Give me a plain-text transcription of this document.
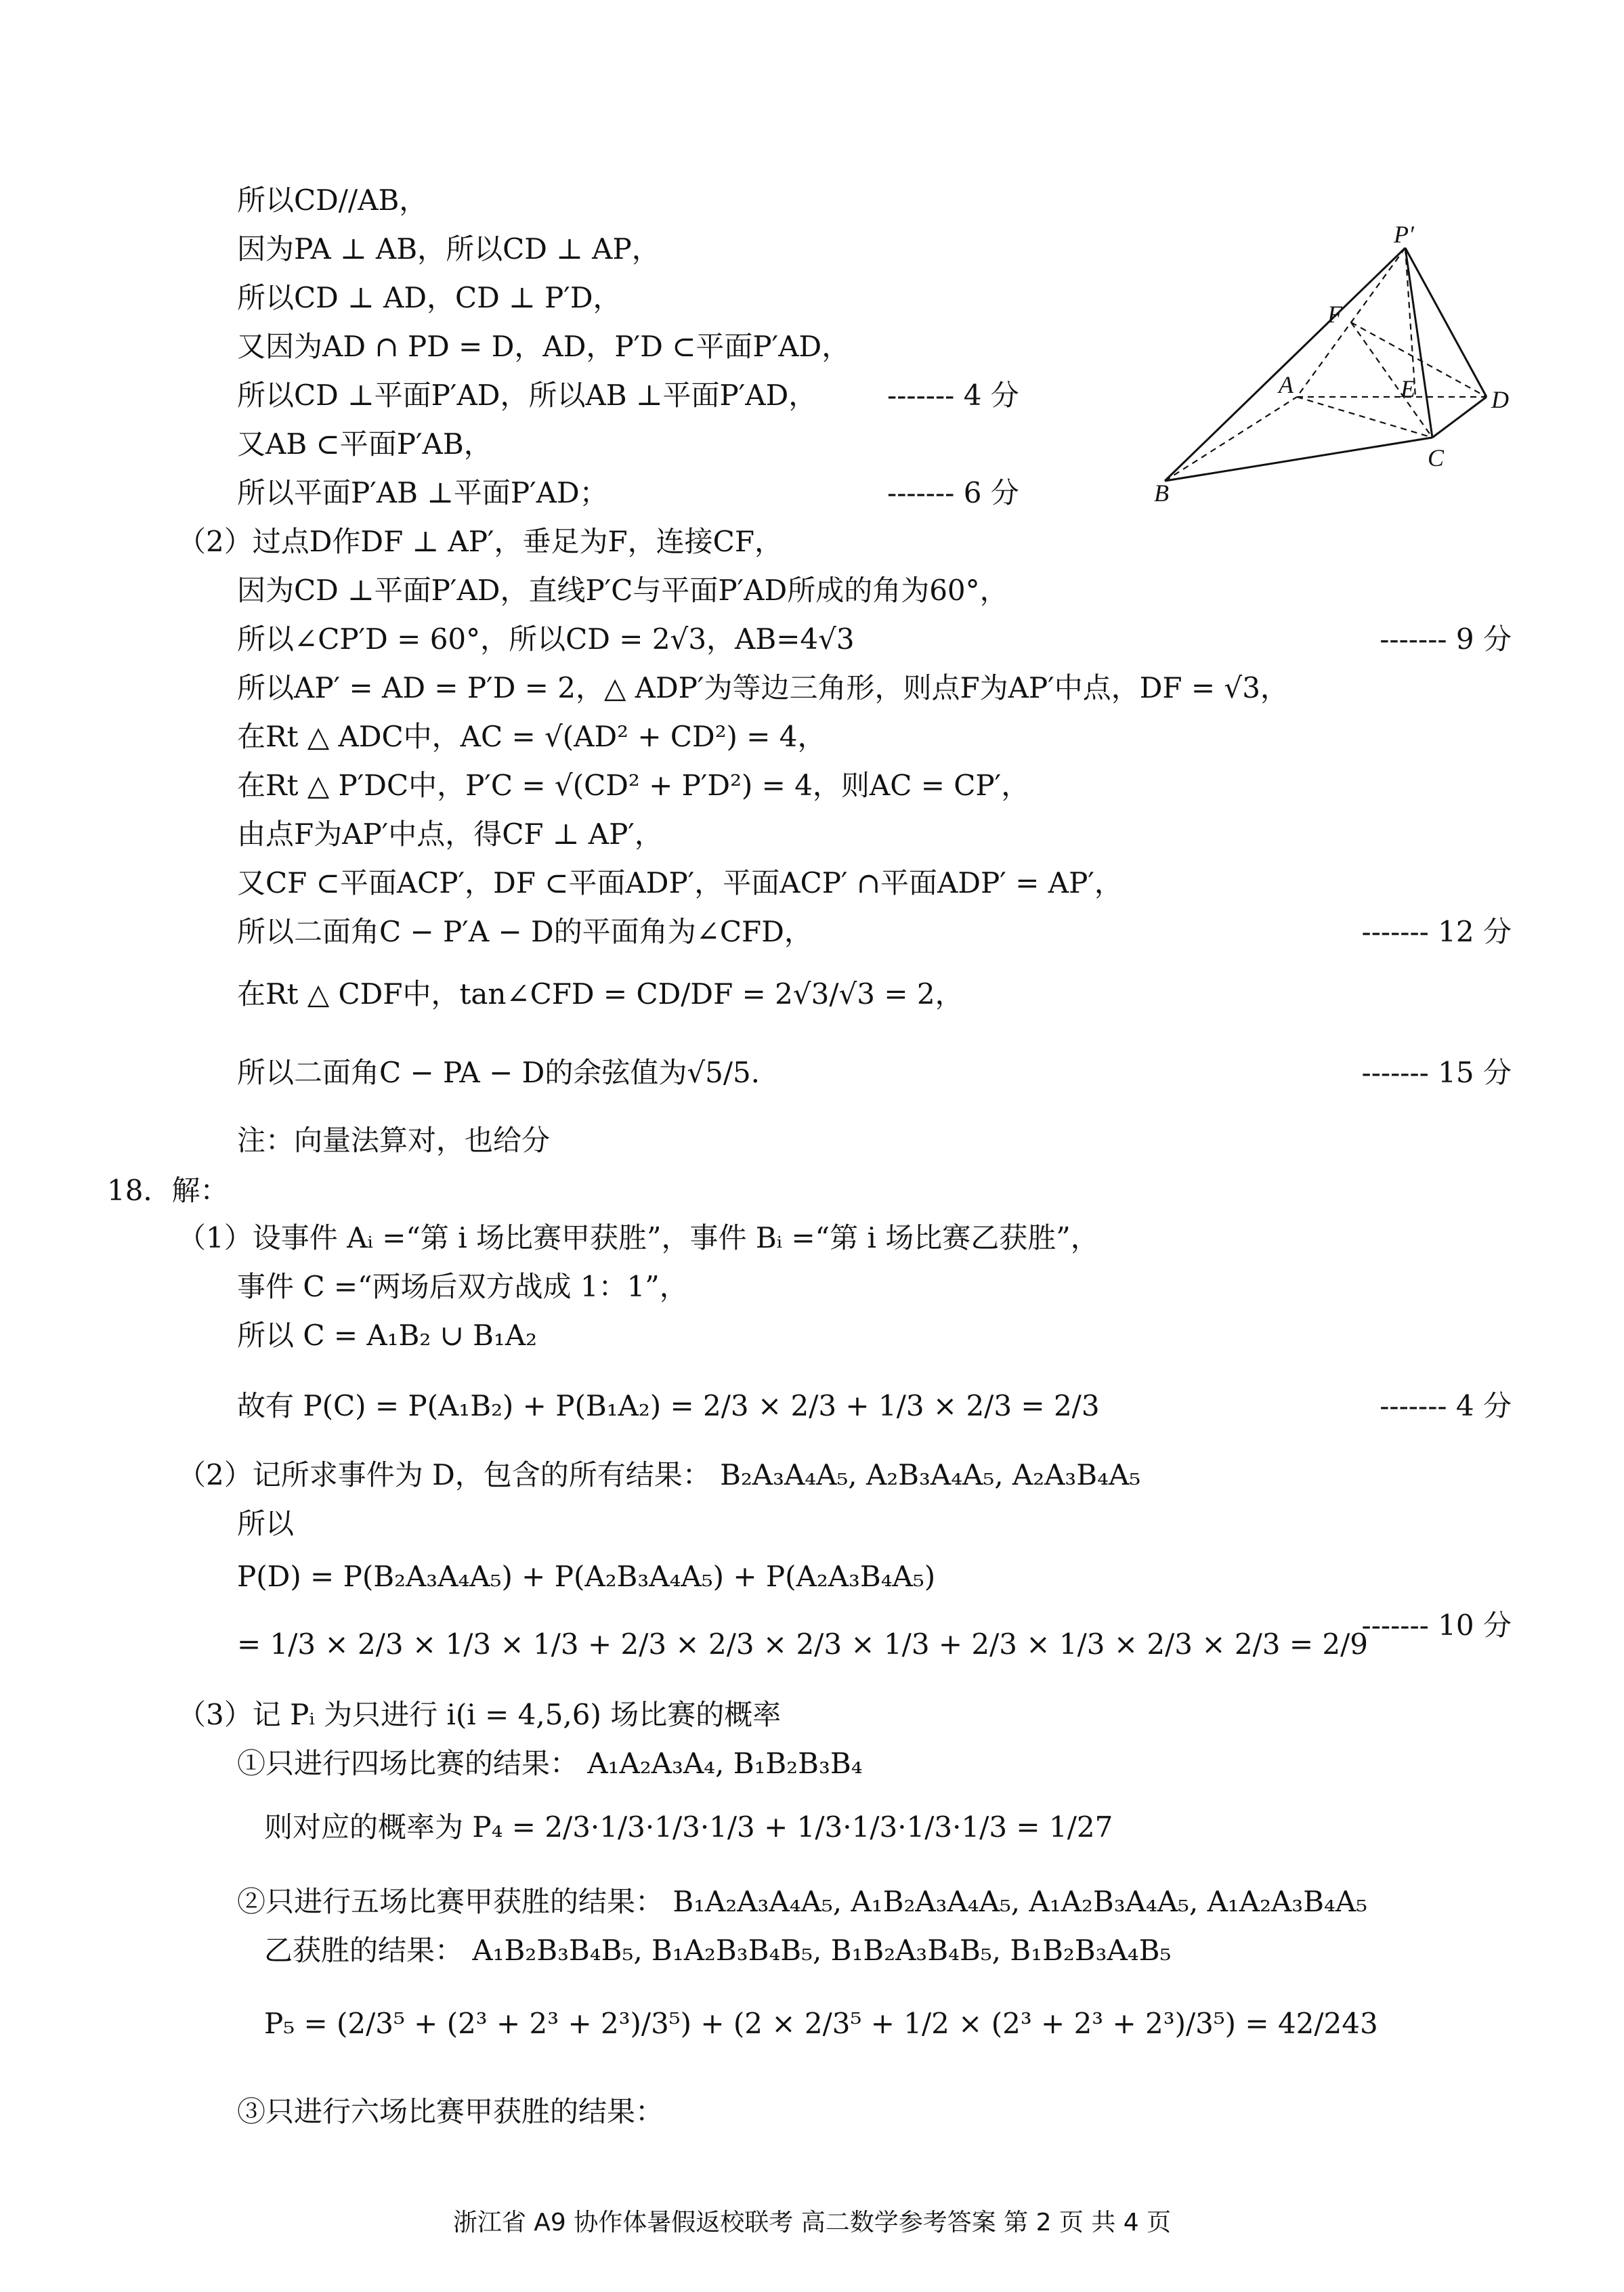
所以CD//AB，
因为PA ⊥ AB，所以CD ⊥ AP，
所以CD ⊥ AD，CD ⊥ P′D，
又因为AD ∩ PD = D，AD，P′D ⊂平面P′AD，
所以CD ⊥平面P′AD，所以AB ⊥平面P′AD， ------- 4 分
又AB ⊂平面P′AB，
所以平面P′AB ⊥平面P′AD；	------- 6 分
P′
F
A	E	D
C
B
（2）过点D作DF ⊥ AP′，垂足为F，连接CF，
因为CD ⊥平面P′AD，直线P′C与平面P′AD所成的角为60°，
所以∠CP′D = 60°，所以CD = 2√3，AB=4√3	------- 9 分
所以AP′ = AD = P′D = 2，△ ADP′为等边三角形，则点F为AP′中点，DF = √3，
在Rt △ ADC中，AC = √(AD² + CD²) = 4，
在Rt △ P′DC中，P′C = √(CD² + P′D²) = 4，则AC = CP′，
由点F为AP′中点，得CF ⊥ AP′，
又CF ⊂平面ACP′，DF ⊂平面ADP′，平面ACP′ ∩平面ADP′ = AP′，
所以二面角C − P′A − D的平面角为∠CFD，	------- 12 分
在Rt △ CDF中，tan∠CFD = CD/DF = 2√3/√3 = 2，
所以二面角C − PA − D的余弦值为√5/5.	------- 15 分
注：向量法算对，也给分
18．解：
（1）设事件 Aᵢ =“第 i 场比赛甲获胜”，事件 Bᵢ =“第 i 场比赛乙获胜”，
事件 C =“两场后双方战成 1：1”，
所以 C = A₁B₂ ∪ B₁A₂
故有 P(C) = P(A₁B₂) + P(B₁A₂) = 2/3 × 2/3 + 1/3 × 2/3 = 2/3	------- 4 分
（2）记所求事件为 D，包含的所有结果： B₂A₃A₄A₅, A₂B₃A₄A₅, A₂A₃B₄A₅
所以
P(D) = P(B₂A₃A₄A₅) + P(A₂B₃A₄A₅) + P(A₂A₃B₄A₅)
= 1/3 × 2/3 × 1/3 × 1/3 + 2/3 × 2/3 × 2/3 × 1/3 + 2/3 × 1/3 × 2/3 × 2/3 = 2/9
------- 10 分
（3）记 Pᵢ 为只进行 i(i = 4,5,6) 场比赛的概率
①只进行四场比赛的结果： A₁A₂A₃A₄, B₁B₂B₃B₄
则对应的概率为 P₄ = 2/3·1/3·1/3·1/3 + 1/3·1/3·1/3·1/3 = 1/27
②只进行五场比赛甲获胜的结果： B₁A₂A₃A₄A₅, A₁B₂A₃A₄A₅, A₁A₂B₃A₄A₅, A₁A₂A₃B₄A₅
乙获胜的结果： A₁B₂B₃B₄B₅, B₁A₂B₃B₄B₅, B₁B₂A₃B₄B₅, B₁B₂B₃A₄B₅
P₅ = (2/3⁵ + (2³ + 2³ + 2³)/3⁵) + (2 × 2/3⁵ + 1/2 × (2³ + 2³ + 2³)/3⁵) = 42/243
③只进行六场比赛甲获胜的结果：
浙江省 A9 协作体暑假返校联考 高二数学参考答案 第 2 页 共 4 页
